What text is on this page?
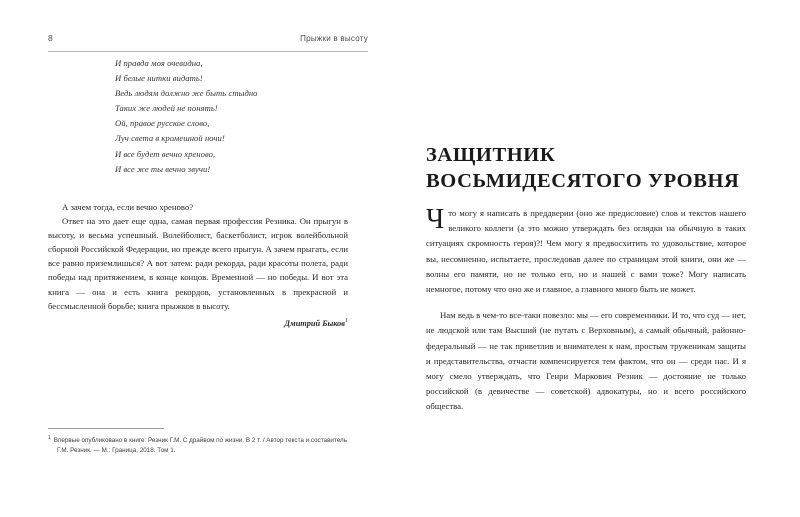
8	Прыжки в высоту
И правда моя очевидна,
И белые нитки видать!
Ведь людям должно же быть стыдно
Таких же людей не понять!
Ой, правое русское слово,
Луч света в кромешной ночи!
И все будет вечно хреново,
И все же ты вечно звучи!

А зачем тогда, если вечно хреново?

Ответ на это дает еще одна, самая первая профессия Резника. Он прыгун в высоту, и весьма успешный. Волейболист, баскетболист, игрок волейбольной сборной Российской Федерации, но прежде всего прыгун. А зачем прыгать, если все равно приземлишься? А вот затем: ради рекорда, ради красоты полета, ради победы над притяжением, в конце концов. Временной — но победы. И вот эта книга — она и есть книга рекордов, установленных в прекрасной и бессмысленной борьбе; книга прыжков в высоту.

Дмитрий Быков$^1$
$^1$ Впервые опубликовано в книге: Резник Г.М. С драйвом по жизни. В 2 т. / Автор текста и составитель Г.М. Резник. — М.: Граница, 2018. Том 1.
ЗАЩИТНИК
ВОСЬМИДЕСЯТОГО УРОВНЯ

Что могу я написать в преддверии (оно же предисловие) слов и текстов нашего великого коллеги (а это можно утверждать без оглядки на обычную в таких ситуациях скромность героя)?! Чем могу я предвосхитить то удовольствие, которое вы, несомненно, испытаете, проследовав далее по страницам этой книги, они же — волны его памяти, но не только его, но и нашей с вами тоже? Могу написать немногое, потому что оно же и главное, а главного много быть не может.

Нам ведь в чем-то все-таки повезло: мы — его современники. И то, что суд — нет, не людской или там Высший (не путать с Верховным), а самый обычный, районно-федеральный — не так приветлив и внимателен к нам, простым труженикам защиты и представительства, отчасти компенсируется тем фактом, что он — среди нас. И я могу смело утверждать, что Генри Маркович Резник — достояние не только российской (в девичестве — советской) адвокатуры, но и всего российского общества.
